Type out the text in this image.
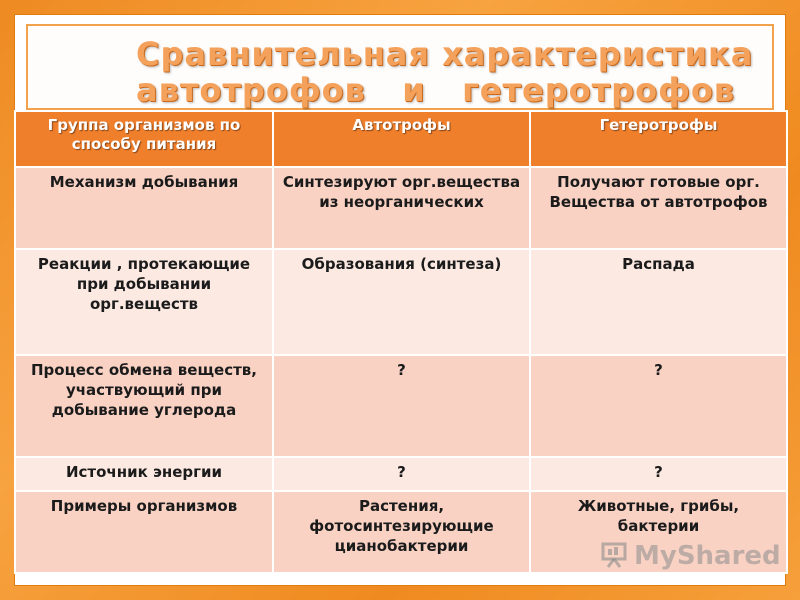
Сравнительная характеристика
автотрофов   и   гетеротрофов
Группа организмов по способу питания	Автотрофы	Гетеротрофы
Механизм добывания	Синтезируют орг.вещества из неорганических	Получают готовые орг. Вещества от автотрофов
Реакции , протекающие при добывании орг.веществ	Образования (синтеза)	Распада
Процесс обмена веществ, участвующий при добывание углерода	?	?
Источник энергии	?	?
Примеры организмов	Растения, фотосинтезирующие цианобактерии	Животные, грибы, бактерии
MyShared
